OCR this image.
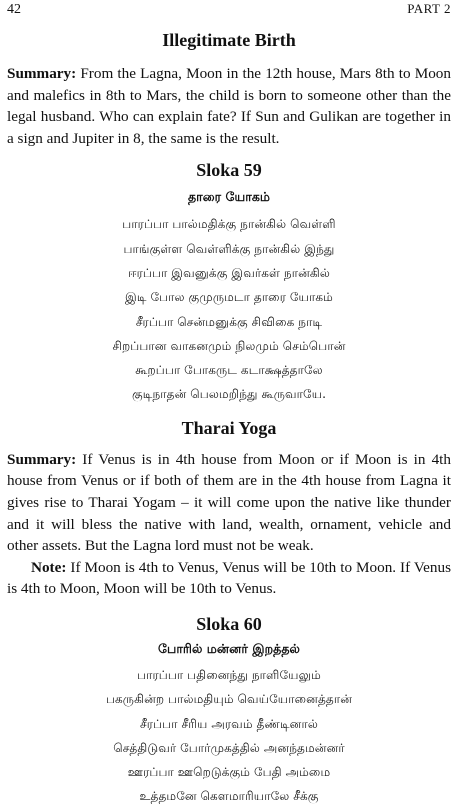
42	PART 2
Illegitimate Birth

Summary: From the Lagna, Moon in the 12th house, Mars 8th to Moon and malefics in 8th to Mars, the child is born to someone other than the legal husband. Who can explain fate? If Sun and Gulikan are together in a sign and Jupiter in 8, the same is the result.

Sloka 59

தாரை யோகம்

பாரப்பா பால்மதிக்கு நான்கில் வெள்ளி
பாங்குள்ள வெள்ளிக்கு நான்கில் இந்து
ஈரப்பா இவனுக்கு இவர்கள் நான்கில்
இடி போல குமுருமடா தாரை யோகம்
சீரப்பா சென்மனுக்கு சிவிகை நாடி
சிறப்பான வாகனமும் நிலமும் செம்பொன்
கூறப்பா போகருட கடாக்ஷத்தாலே
குடிநாதன் பெலமறிந்து கூருவாயே.
Tharai Yoga

Summary: If Venus is in 4th house from Moon or if Moon is in 4th house from Venus or if both of them are in the 4th house from Lagna it gives rise to Tharai Yogam – it will come upon the native like thunder and it will bless the native with land, wealth, ornament, vehicle and other assets. But the Lagna lord must not be weak.

Note: If Moon is 4th to Venus, Venus will be 10th to Moon. If Venus is 4th to Moon, Moon will be 10th to Venus.

Sloka 60

போரில் மன்னர் இறத்தல்

பாரப்பா பதினைந்து நாளியேலும்
பகருகின்ற பால்மதியும் வெய்யோனைத்தான்
சீரப்பா சீரிய அரவம் தீண்டினால்
செத்திடுவர் போர்முகத்தில் அனந்தமன்னர்
ஊரப்பா ஊறெடுக்கும் பேதி அம்மை
உத்தமனே கௌமாரியாலே சீக்கு
